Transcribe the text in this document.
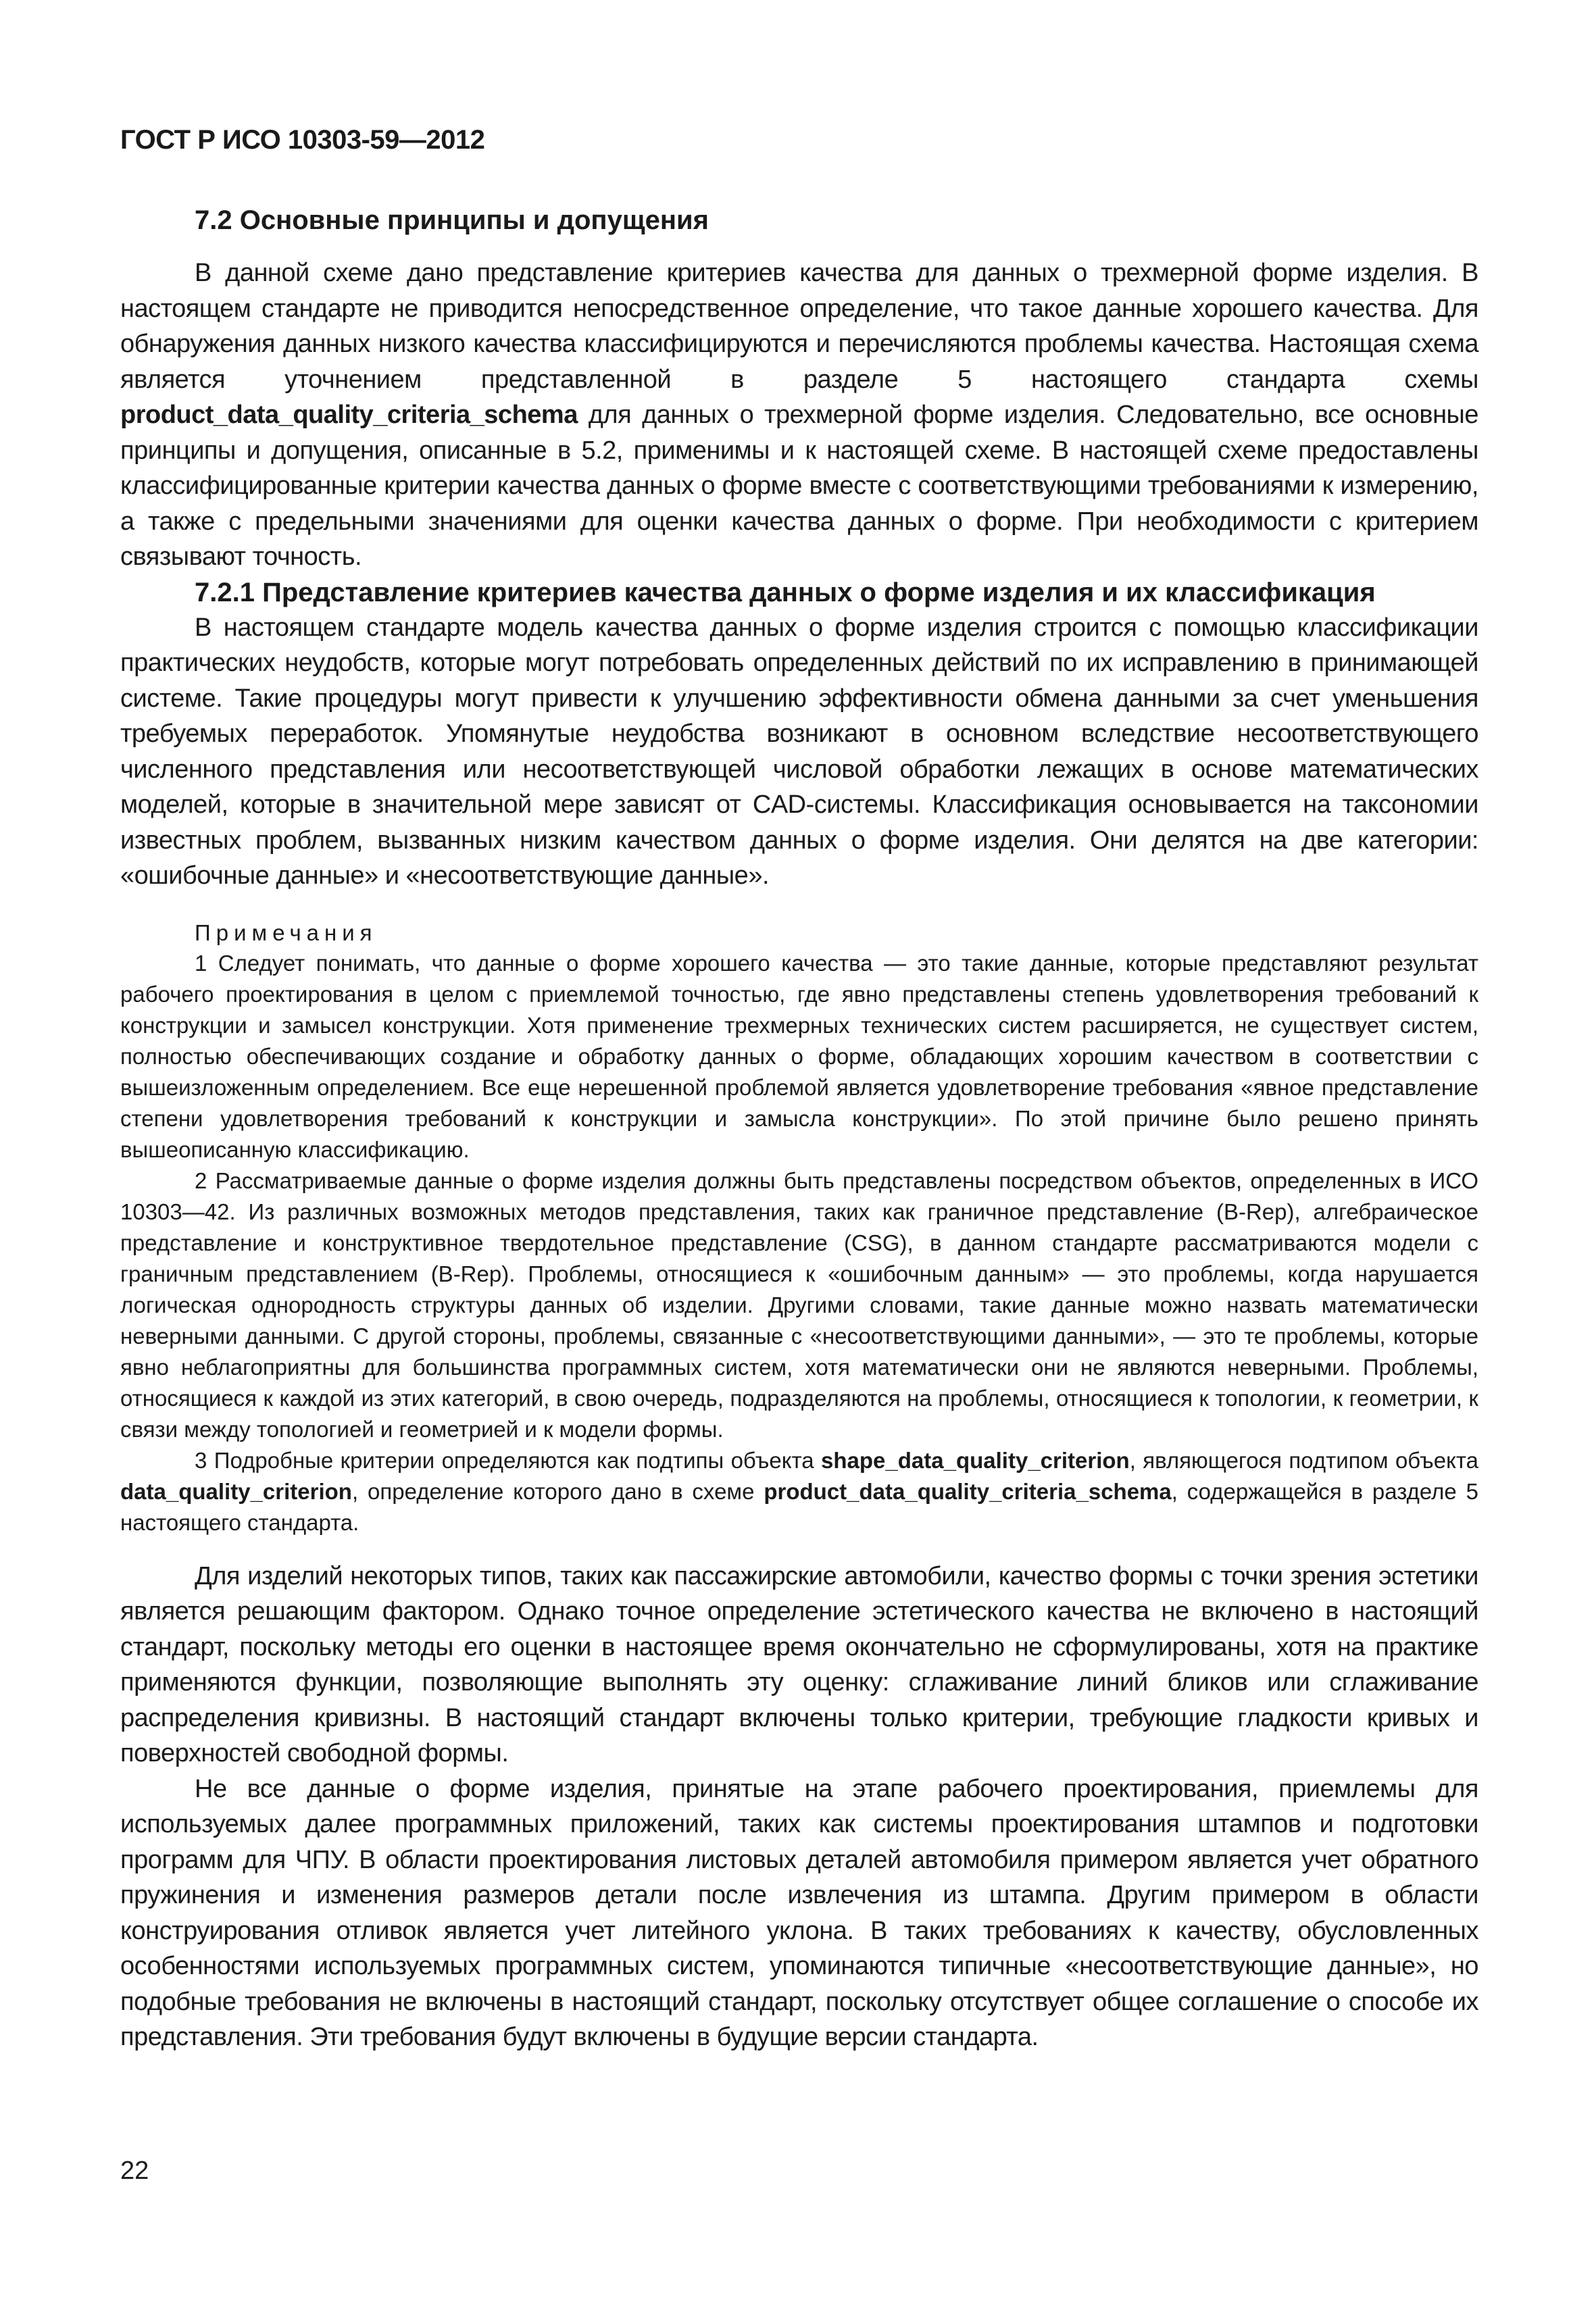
ГОСТ Р ИСО 10303-59—2012
7.2 Основные принципы и допущения

В данной схеме дано представление критериев качества для данных о трехмерной форме изделия. В настоящем стандарте не приводится непосредственное определение, что такое данные хорошего качества. Для обнаружения данных низкого качества классифицируются и перечисляются проблемы качества. Настоящая схема является уточнением представленной в разделе 5 настоящего стандарта схемы product_data_quality_criteria_schema для данных о трехмерной форме изделия. Следовательно, все основные принципы и допущения, описанные в 5.2, применимы и к настоящей схеме. В настоящей схеме предоставлены классифицированные критерии качества данных о форме вместе с соответствующими требованиями к измерению, а также с предельными значениями для оценки качества данных о форме. При необходимости с критерием связывают точность.

7.2.1 Представление критериев качества данных о форме изделия и их классификация

В настоящем стандарте модель качества данных о форме изделия строится с помощью классификации практических неудобств, которые могут потребовать определенных действий по их исправлению в принимающей системе. Такие процедуры могут привести к улучшению эффективности обмена данными за счет уменьшения требуемых переработок. Упомянутые неудобства возникают в основном вследствие несоответствующего численного представления или несоответствующей числовой обработки лежащих в основе математических моделей, которые в значительной мере зависят от CAD-системы. Классификация основывается на таксономии известных проблем, вызванных низким качеством данных о форме изделия. Они делятся на две категории: «ошибочные данные» и «несоответствующие данные».

Примечания

1 Следует понимать, что данные о форме хорошего качества — это такие данные, которые представляют результат рабочего проектирования в целом с приемлемой точностью, где явно представлены степень удовлетворения требований к конструкции и замысел конструкции. Хотя применение трехмерных технических систем расширяется, не существует систем, полностью обеспечивающих создание и обработку данных о форме, обладающих хорошим качеством в соответствии с вышеизложенным определением. Все еще нерешенной проблемой является удовлетворение требования «явное представление степени удовлетворения требований к конструкции и замысла конструкции». По этой причине было решено принять вышеописанную классификацию.

2 Рассматриваемые данные о форме изделия должны быть представлены посредством объектов, определенных в ИСО 10303—42. Из различных возможных методов представления, таких как граничное представление (B-Rep), алгебраическое представление и конструктивное твердотельное представление (CSG), в данном стандарте рассматриваются модели с граничным представлением (B-Rep). Проблемы, относящиеся к «ошибочным данным» — это проблемы, когда нарушается логическая однородность структуры данных об изделии. Другими словами, такие данные можно назвать математически неверными данными. С другой стороны, проблемы, связанные с «несоответствующими данными», — это те проблемы, которые явно неблагоприятны для большинства программных систем, хотя математически они не являются неверными. Проблемы, относящиеся к каждой из этих категорий, в свою очередь, подразделяются на проблемы, относящиеся к топологии, к геометрии, к связи между топологией и геометрией и к модели формы.

3 Подробные критерии определяются как подтипы объекта shape_data_quality_criterion, являющегося подтипом объекта data_quality_criterion, определение которого дано в схеме product_data_quality_criteria_schema, содержащейся в разделе 5 настоящего стандарта.

Для изделий некоторых типов, таких как пассажирские автомобили, качество формы с точки зрения эстетики является решающим фактором. Однако точное определение эстетического качества не включено в настоящий стандарт, поскольку методы его оценки в настоящее время окончательно не сформулированы, хотя на практике применяются функции, позволяющие выполнять эту оценку: сглаживание линий бликов или сглаживание распределения кривизны. В настоящий стандарт включены только критерии, требующие гладкости кривых и поверхностей свободной формы.

Не все данные о форме изделия, принятые на этапе рабочего проектирования, приемлемы для используемых далее программных приложений, таких как системы проектирования штампов и подготовки программ для ЧПУ. В области проектирования листовых деталей автомобиля примером является учет обратного пружинения и изменения размеров детали после извлечения из штампа. Другим примером в области конструирования отливок является учет литейного уклона. В таких требованиях к качеству, обусловленных особенностями используемых программных систем, упоминаются типичные «несоответствующие данные», но подобные требования не включены в настоящий стандарт, поскольку отсутствует общее соглашение о способе их представления. Эти требования будут включены в будущие версии стандарта.

22
